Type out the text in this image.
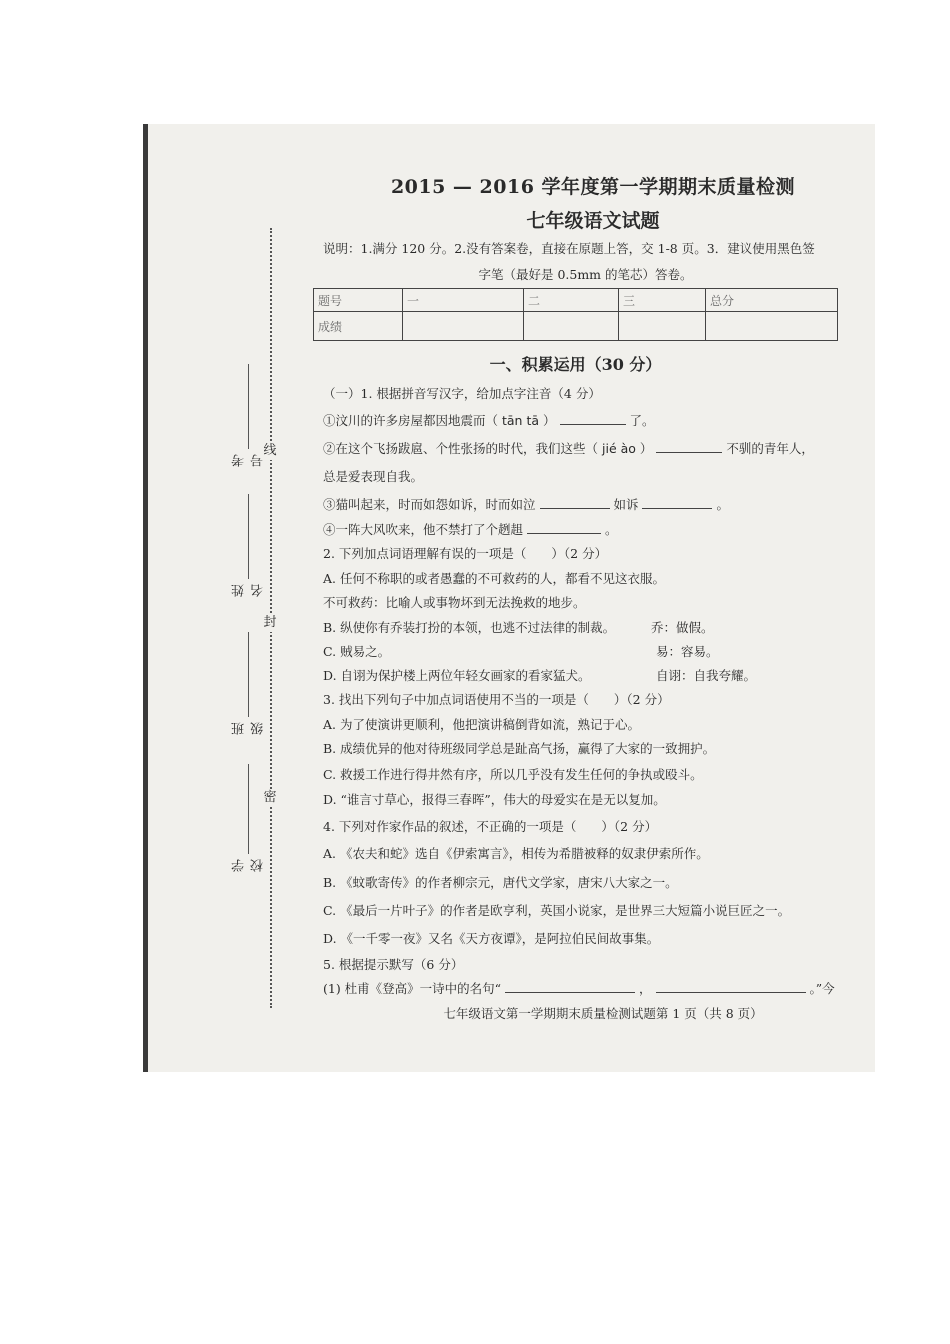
线
封
密
考号
姓名
班级
学校
2015 — 2016 学年度第一学期期末质量检测
七年级语文试题
说明：1.满分 120 分。2.没有答案卷，直接在原题上答，交 1-8 页。3．建议使用黑色签
字笔（最好是 0.5mm 的笔芯）答卷。
题号	一	二	三	总分
成绩				
一、积累运用（30 分）
（一）1. 根据拼音写汉字，给加点字注音（4 分）
①汶川的许多房屋都因地震而（ tān tā ）	了。
②在这个飞扬跋扈、个性张扬的时代，我们这些（ jié ào ）	不驯的青年人，
总是爱表现自我。
③猫叫起来，时而如怨如诉，时而如泣	如诉	。
④一阵大风吹来，他不禁打了个趔趄	。
2. 下列加点词语理解有误的一项是（　　）（2 分）
A. 任何不称职的或者愚蠢的不可救药的人，都看不见这衣服。
不可救药：比喻人或事物坏到无法挽救的地步。
B. 纵使你有乔装打扮的本领，也逃不过法律的制裁。	乔：做假。
C. 贼易之。	易：容易。
D. 自诩为保护楼上两位年轻女画家的看家猛犬。	自诩：自我夸耀。
3. 找出下列句子中加点词语使用不当的一项是（　　）（2 分）
A. 为了使演讲更顺利，他把演讲稿倒背如流，熟记于心。
B. 成绩优异的他对待班级同学总是趾高气扬，赢得了大家的一致拥护。
C. 救援工作进行得井然有序，所以几乎没有发生任何的争执或殴斗。
D. “谁言寸草心，报得三春晖”，伟大的母爱实在是无以复加。
4. 下列对作家作品的叙述，不正确的一项是（　　）（2 分）
A. 《农夫和蛇》选自《伊索寓言》，相传为希腊被释的奴隶伊索所作。
B. 《蚊歌寄传》的作者柳宗元，唐代文学家，唐宋八大家之一。
C. 《最后一片叶子》的作者是欧亨利，英国小说家，是世界三大短篇小说巨匠之一。
D. 《一千零一夜》又名《天方夜谭》，是阿拉伯民间故事集。
5. 根据提示默写（6 分）
(1) 杜甫《登高》一诗中的名句“	，	。”今
七年级语文第一学期期末质量检测试题第 1 页（共 8 页）
